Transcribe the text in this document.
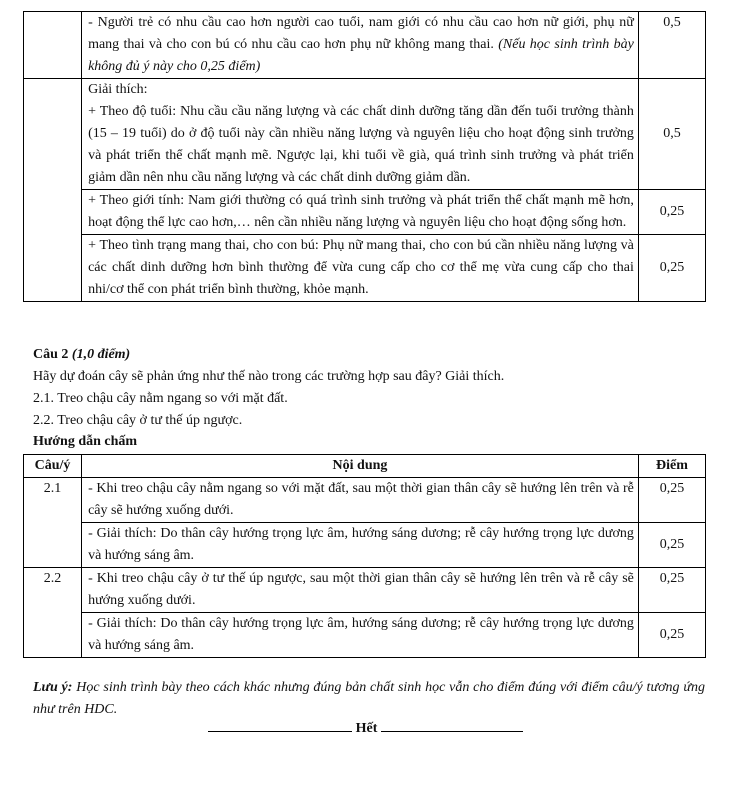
	- Người trẻ có nhu cầu cao hơn người cao tuổi, nam giới có nhu cầu cao hơn nữ giới, phụ nữ mang thai và cho con bú có nhu cầu cao hơn phụ nữ không mang thai. (Nếu học sinh trình bày không đủ ý này cho 0,25 điểm)	0,5

	Giải thích:
+ Theo độ tuổi: Nhu cầu cầu năng lượng và các chất dinh dưỡng tăng dần đến tuổi trưởng thành (15 – 19 tuổi) do ở độ tuổi này cần nhiều năng lượng và nguyên liệu cho hoạt động sinh trưởng và phát triển thể chất mạnh mẽ. Ngược lại, khi tuổi về già, quá trình sinh trưởng và phát triển giảm dần nên nhu cầu năng lượng và các chất dinh dưỡng giảm dần.	0,5

	+ Theo giới tính: Nam giới thường có quá trình sinh trưởng và phát triển thể chất mạnh mẽ hơn, hoạt động thể lực cao hơn,… nên cần nhiều năng lượng và nguyên liệu cho hoạt động sống hơn.	0,25

	+ Theo tình trạng mang thai, cho con bú: Phụ nữ mang thai, cho con bú cần nhiều năng lượng và các chất dinh dưỡng hơn bình thường để vừa cung cấp cho cơ thể mẹ vừa cung cấp cho thai nhi/cơ thể con phát triển bình thường, khỏe mạnh.	0,25
Câu 2 (1,0 điểm)
Hãy dự đoán cây sẽ phản ứng như thế nào trong các trường hợp sau đây? Giải thích.
2.1. Treo chậu cây nằm ngang so với mặt đất.
2.2. Treo chậu cây ở tư thế úp ngược.
Hướng dẫn chấm
Câu/ý	Nội dung	Điểm

2.1	- Khi treo chậu cây nằm ngang so với mặt đất, sau một thời gian thân cây sẽ hướng lên trên và rễ cây sẽ hướng xuống dưới.	0,25

	- Giải thích: Do thân cây hướng trọng lực âm, hướng sáng dương; rễ cây hướng trọng lực dương và hướng sáng âm.	0,25

2.2	- Khi treo chậu cây ở tư thế úp ngược, sau một thời gian thân cây sẽ hướng lên trên và rễ cây sẽ hướng xuống dưới.	0,25

	- Giải thích: Do thân cây hướng trọng lực âm, hướng sáng dương; rễ cây hướng trọng lực dương và hướng sáng âm.	0,25
Lưu ý: Học sinh trình bày theo cách khác nhưng đúng bản chất sinh học vẫn cho điểm đúng với điểm câu/ý tương ứng như trên HDC.
Hết
